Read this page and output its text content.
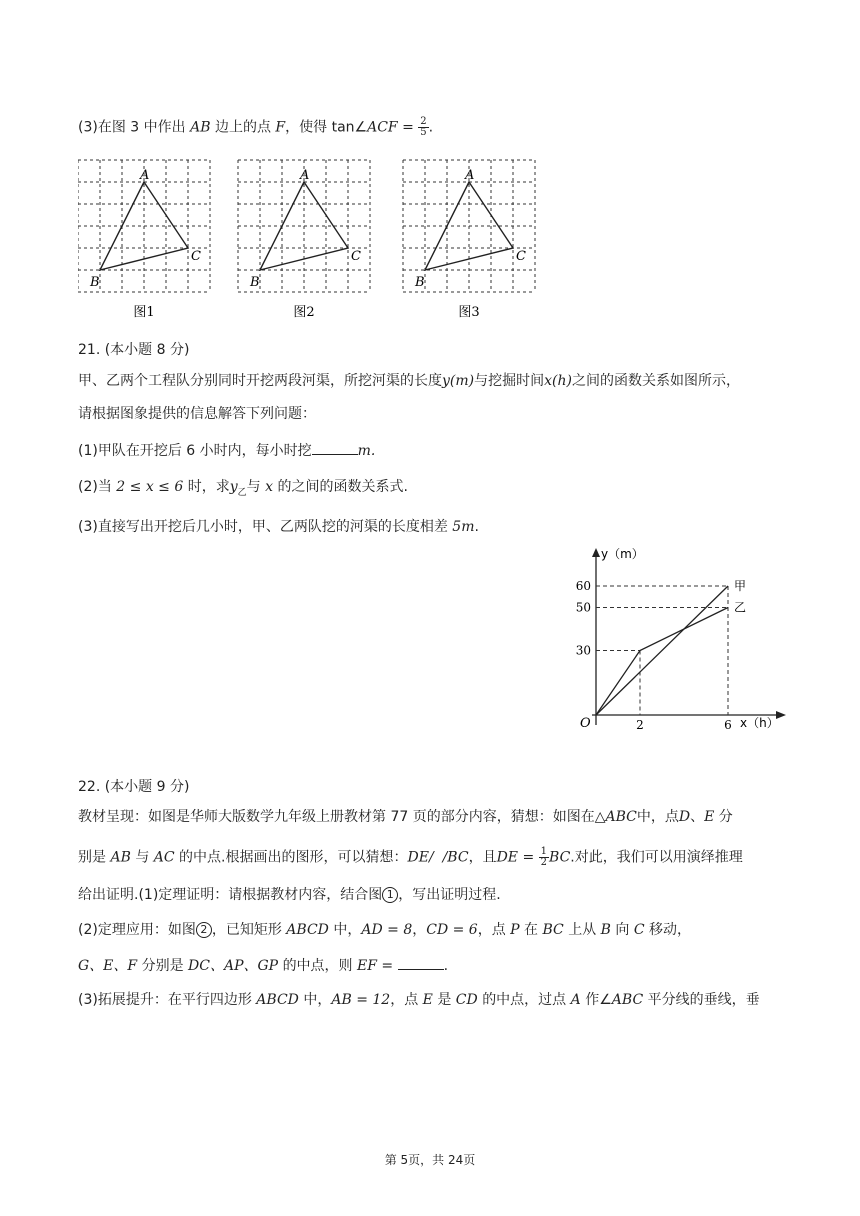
(3)在图 3 中作出 AB 边上的点 F，使得 tan∠ACF = $\frac{2}{5}$ .
A
B
C
图1
A
B
C
图2
A
B
C
图3
21. (本小题 8 分)
甲、乙两个工程队分别同时开挖两段河渠，所挖河渠的长度y(m)与挖掘时间x(h)之间的函数关系如图所示，
请根据图象提供的信息解答下列问题：
(1)甲队在开挖后 6 小时内，每小时挖	m.
(2)当 2 ≤ x ≤ 6 时，求$y_乙$与 x 的之间的函数关系式.
(3)直接写出开挖后几小时，甲、乙两队挖的河渠的长度相差 5m.
y（m）
x（h）
O
30
50
60
2	6
甲
乙
22. (本小题 9 分)
教材呈现：如图是华师大版数学九年级上册教材第 77 页的部分内容，猜想：如图在△ABC中，点D、E 分
别是 AB 与 AC 的中点.根据画出的图形，可以猜想：DE/ /BC，且DE = $\frac{1}{2}$ BC.对此，我们可以用演绎推理
给出证明.(1)定理证明：请根据教材内容，结合图 1 ，写出证明过程.
(2)定理应用：如图 2 ，已知矩形 ABCD 中，AD = 8，CD = 6，点 P 在 BC 上从 B 向 C 移动，
G、E、F 分别是 DC、AP、GP 的中点，则 EF =	.
(3)拓展提升：在平行四边形 ABCD 中，AB = 12，点 E 是 CD 的中点，过点 A 作∠ABC 平分线的垂线，垂
第 5页，共 24页
